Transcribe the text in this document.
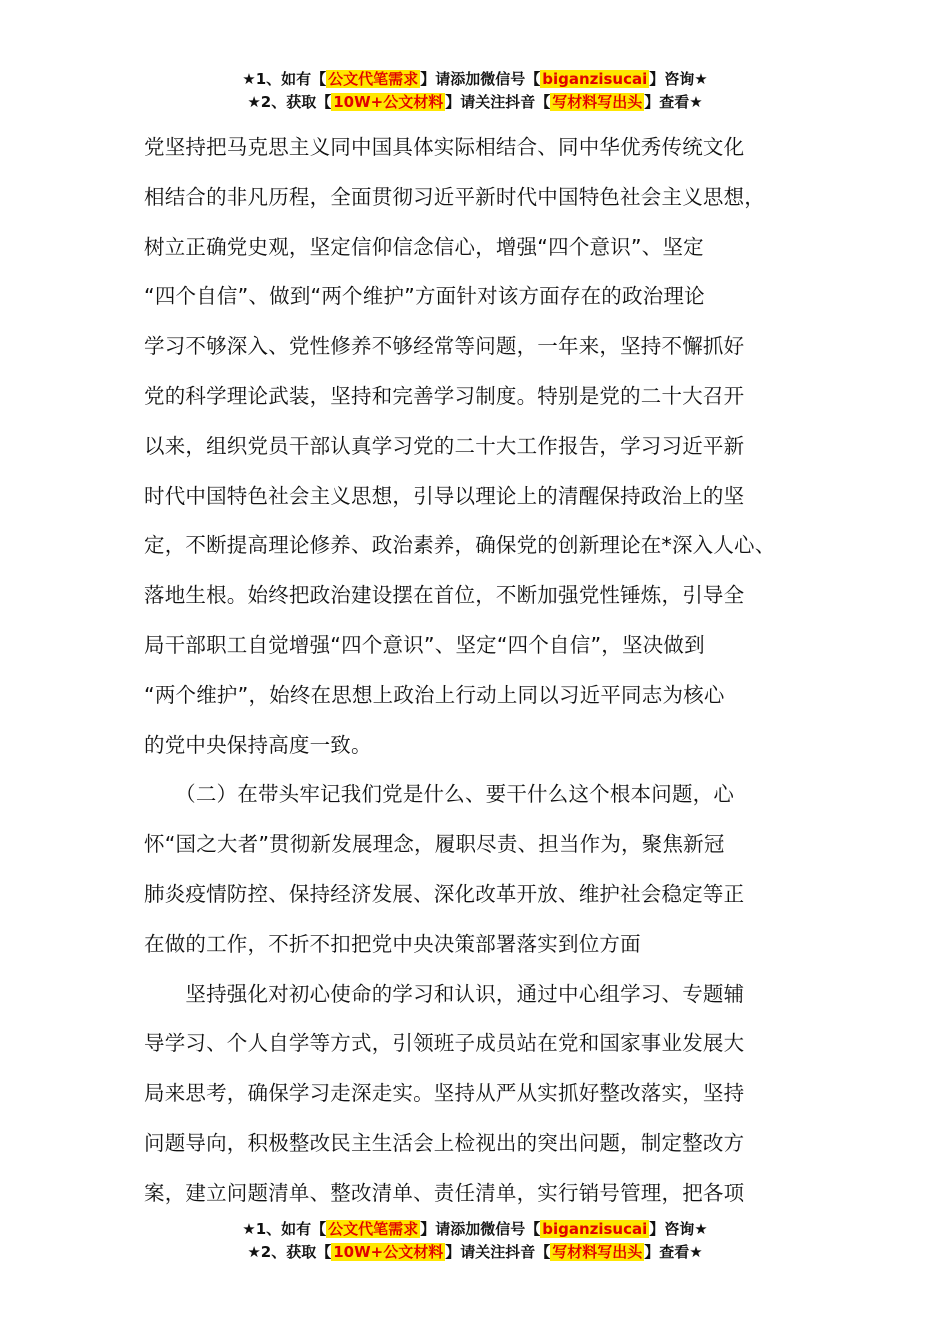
★1、如有【 公文代笔需求 】请添加微信号【 biganzisucai 】咨询★
★2、获取【 10W+公文材料 】请关注抖音【 写材料写出头 】查看★
党坚持把马克思主义同中国具体实际相结合、同中华优秀传统文化
相结合的非凡历程，全面贯彻习近平新时代中国特色社会主义思想，
树立正确党史观，坚定信仰信念信心，增强“四个意识”、坚定
“四个自信”、做到“两个维护”方面针对该方面存在的政治理论
学习不够深入、党性修养不够经常等问题，一年来，坚持不懈抓好
党的科学理论武装，坚持和完善学习制度。特别是党的二十大召开
以来，组织党员干部认真学习党的二十大工作报告，学习习近平新
时代中国特色社会主义思想，引导以理论上的清醒保持政治上的坚
定，不断提高理论修养、政治素养，确保党的创新理论在*深入人心、
落地生根。始终把政治建设摆在首位，不断加强党性锤炼，引导全
局干部职工自觉增强“四个意识”、坚定“四个自信”，坚决做到
“两个维护”，始终在思想上政治上行动上同以习近平同志为核心
的党中央保持高度一致。
　　（二）在带头牢记我们党是什么、要干什么这个根本问题，心
怀“国之大者”贯彻新发展理念，履职尽责、担当作为，聚焦新冠
肺炎疫情防控、保持经济发展、深化改革开放、维护社会稳定等正
在做的工作，不折不扣把党中央决策部署落实到位方面
　　坚持强化对初心使命的学习和认识，通过中心组学习、专题辅
导学习、个人自学等方式，引领班子成员站在党和国家事业发展大
局来思考，确保学习走深走实。坚持从严从实抓好整改落实，坚持
问题导向，积极整改民主生活会上检视出的突出问题，制定整改方
案，建立问题清单、整改清单、责任清单，实行销号管理，把各项
★1、如有【 公文代笔需求 】请添加微信号【 biganzisucai 】咨询★
★2、获取【 10W+公文材料 】请关注抖音【 写材料写出头 】查看★
